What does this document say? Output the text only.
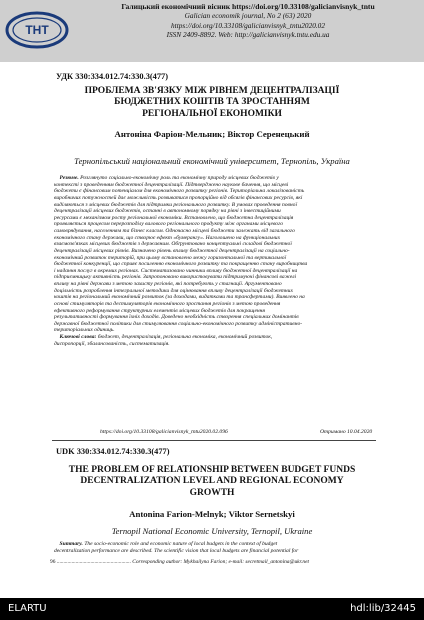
ТНТ
Галицький економічний вісник https://doi.org/10.33108/galicianvisnyk_tntu
Galician economik journal, No 2 (63) 2020
https://doi.org/10.33108/galicianvisnyk_tntu2020.02
ISSN 2409-8892. Web: http://galicianvisnyk.tntu.edu.ua
УДК 330:334.012.74:330.3(477)
ПРОБЛЕМА ЗВ'ЯЗКУ МІЖ РІВНЕМ ДЕЦЕНТРАЛІЗАЦІЇ
БЮДЖЕТНИХ КОШТІВ ТА ЗРОСТАННЯМ
РЕГІОНАЛЬНОЇ ЕКОНОМІКИ
Антоніна Фаріон-Мельник; Віктор Серенецький
Тернопільський національний економічний університет, Тернопіль, Україна
 Резюме. Розглянуто соціально-економічну роль та економічну природу місцевих бюджетів у
контексті з проведенням бюджетної децентралізації. Підтверджено наукове бачення, що місцеві
бюджети є фінансовим потенціалом для економічного розвитку регіонів. Територіальна локалізованість
виробничих потужностей дає можливість розвиватися пропорційно від обсягів фінансових ресурсів, які
виділяються з місцевих бюджетів для підтримки регіонального розвитку. В умовах проведення повної
децентралізації місцевих бюджетів, останні в автономному порядку на рівні з інвестиційними
ресурсами є механізмом росту регіональної економіки. Встановлено, що бюджетна децентралізація
проявляється процесом перерозподілу валового регіонального продукту між органами місцевого
самоврядування, населенням та бізнес класом. Одночасно місцеві бюджети залежать від загального
економічного стану держави, що створює ефект «бумерангу». Наголошено на функціональних
взаємозв'язках місцевих бюджетів з державним. Обґрунтовано концептуальні складові бюджетної
децентралізації місцевих рівнів. Визначено рівень впливу бюджетної децентралізації на соціально-
економічний розвиток територій, при цьому встановлено межу горизонтальної та вертикальної
бюджетної конкуренції, що сприяє посиленню економічного розвитку та покращенню стану виробництва
і надання послуг в окремих регіонах. Систематизовано чинники впливу бюджетної децентралізації на
підприємницьку активність регіонів. Запропоновано використовувати підтримуючі фінансові важелі
впливу на рівні держави з метою захисту регіонів, які потребують у стагнації. Аргументовано
доцільність розроблення інтегральної методики для оцінювання впливу децентралізації бюджетних
коштів на регіональний економічний розвиток (за доходами, видатками та трансфертами). Виявлено на
основі стимуляторів та дестимуляторів економічного зростання регіонів з метою проведення
ефективного реформування структурних елементів місцевих бюджетів для покращення
результативності формування їхніх доходів. Доведено необхідність створення спеціальних домінантів
державної бюджетної політики для стимулювання соціально-економічного розвитку адміністративно-
територіальних одиниць.
 Ключові слова: бюджет, децентралізація, регіональна економіка, економічний розвиток,
диспропорції, збалансованість, систематизація.
https://doi.org/10.33108/galicianvisnyk_tntu2020.02.096	Отримано 10.04.2020
UDK 330:334.012.74:330.3(477)
THE PROBLEM OF RELATIONSHIP BETWEEN BUDGET FUNDS
DECENTRALIZATION LEVEL AND REGIONAL ECONOMY
GROWTH
Antonina Farion-Melnyk; Viktor Sernetskyi
Ternopil National Economic University, Ternopil, Ukraine
 Summary. The socio-economic role and economic nature of local budgets in the context of budget
decentralization performance are described. The scientific vision that local budgets are financial potential for
96 ....................................................... Corresponding author: Mykhailyna Farion; e-mail: secretmail_antonina@ukr.net
ELARTU	hdl:lib/32445
